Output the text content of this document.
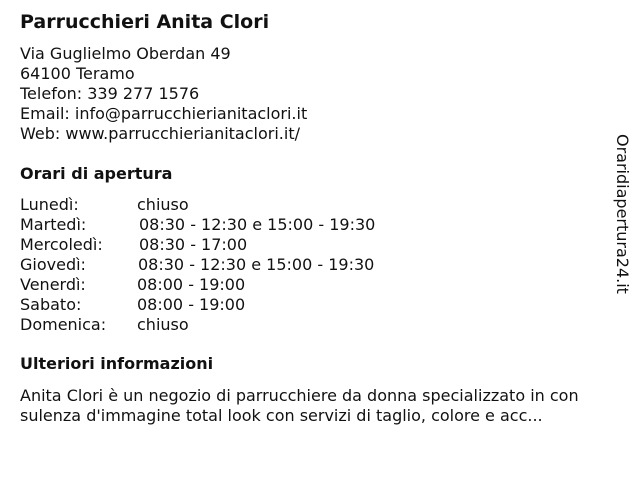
Parrucchieri Anita Clori
Via Guglielmo Oberdan 49
64100 Teramo
Telefon: 339 277 1576
Email: info@parrucchierianitaclori.it
Web: www.parrucchierianitaclori.it/
Orari di apertura
Lunedì:	chiuso
Martedì:	08:30 - 12:30 e 15:00 - 19:30
Mercoledì: 08:30 - 17:00
Giovedì:	08:30 - 12:30 e 15:00 - 19:30
Venerdì:	08:00 - 19:00
Sabato:	08:00 - 19:00
Domenica: chiuso
Ulteriori informazioni
Anita Clori è un negozio di parrucchiere da donna specializzato in con
sulenza d'immagine total look con servizi di taglio, colore e acc...
Oraridiapertura24.it
